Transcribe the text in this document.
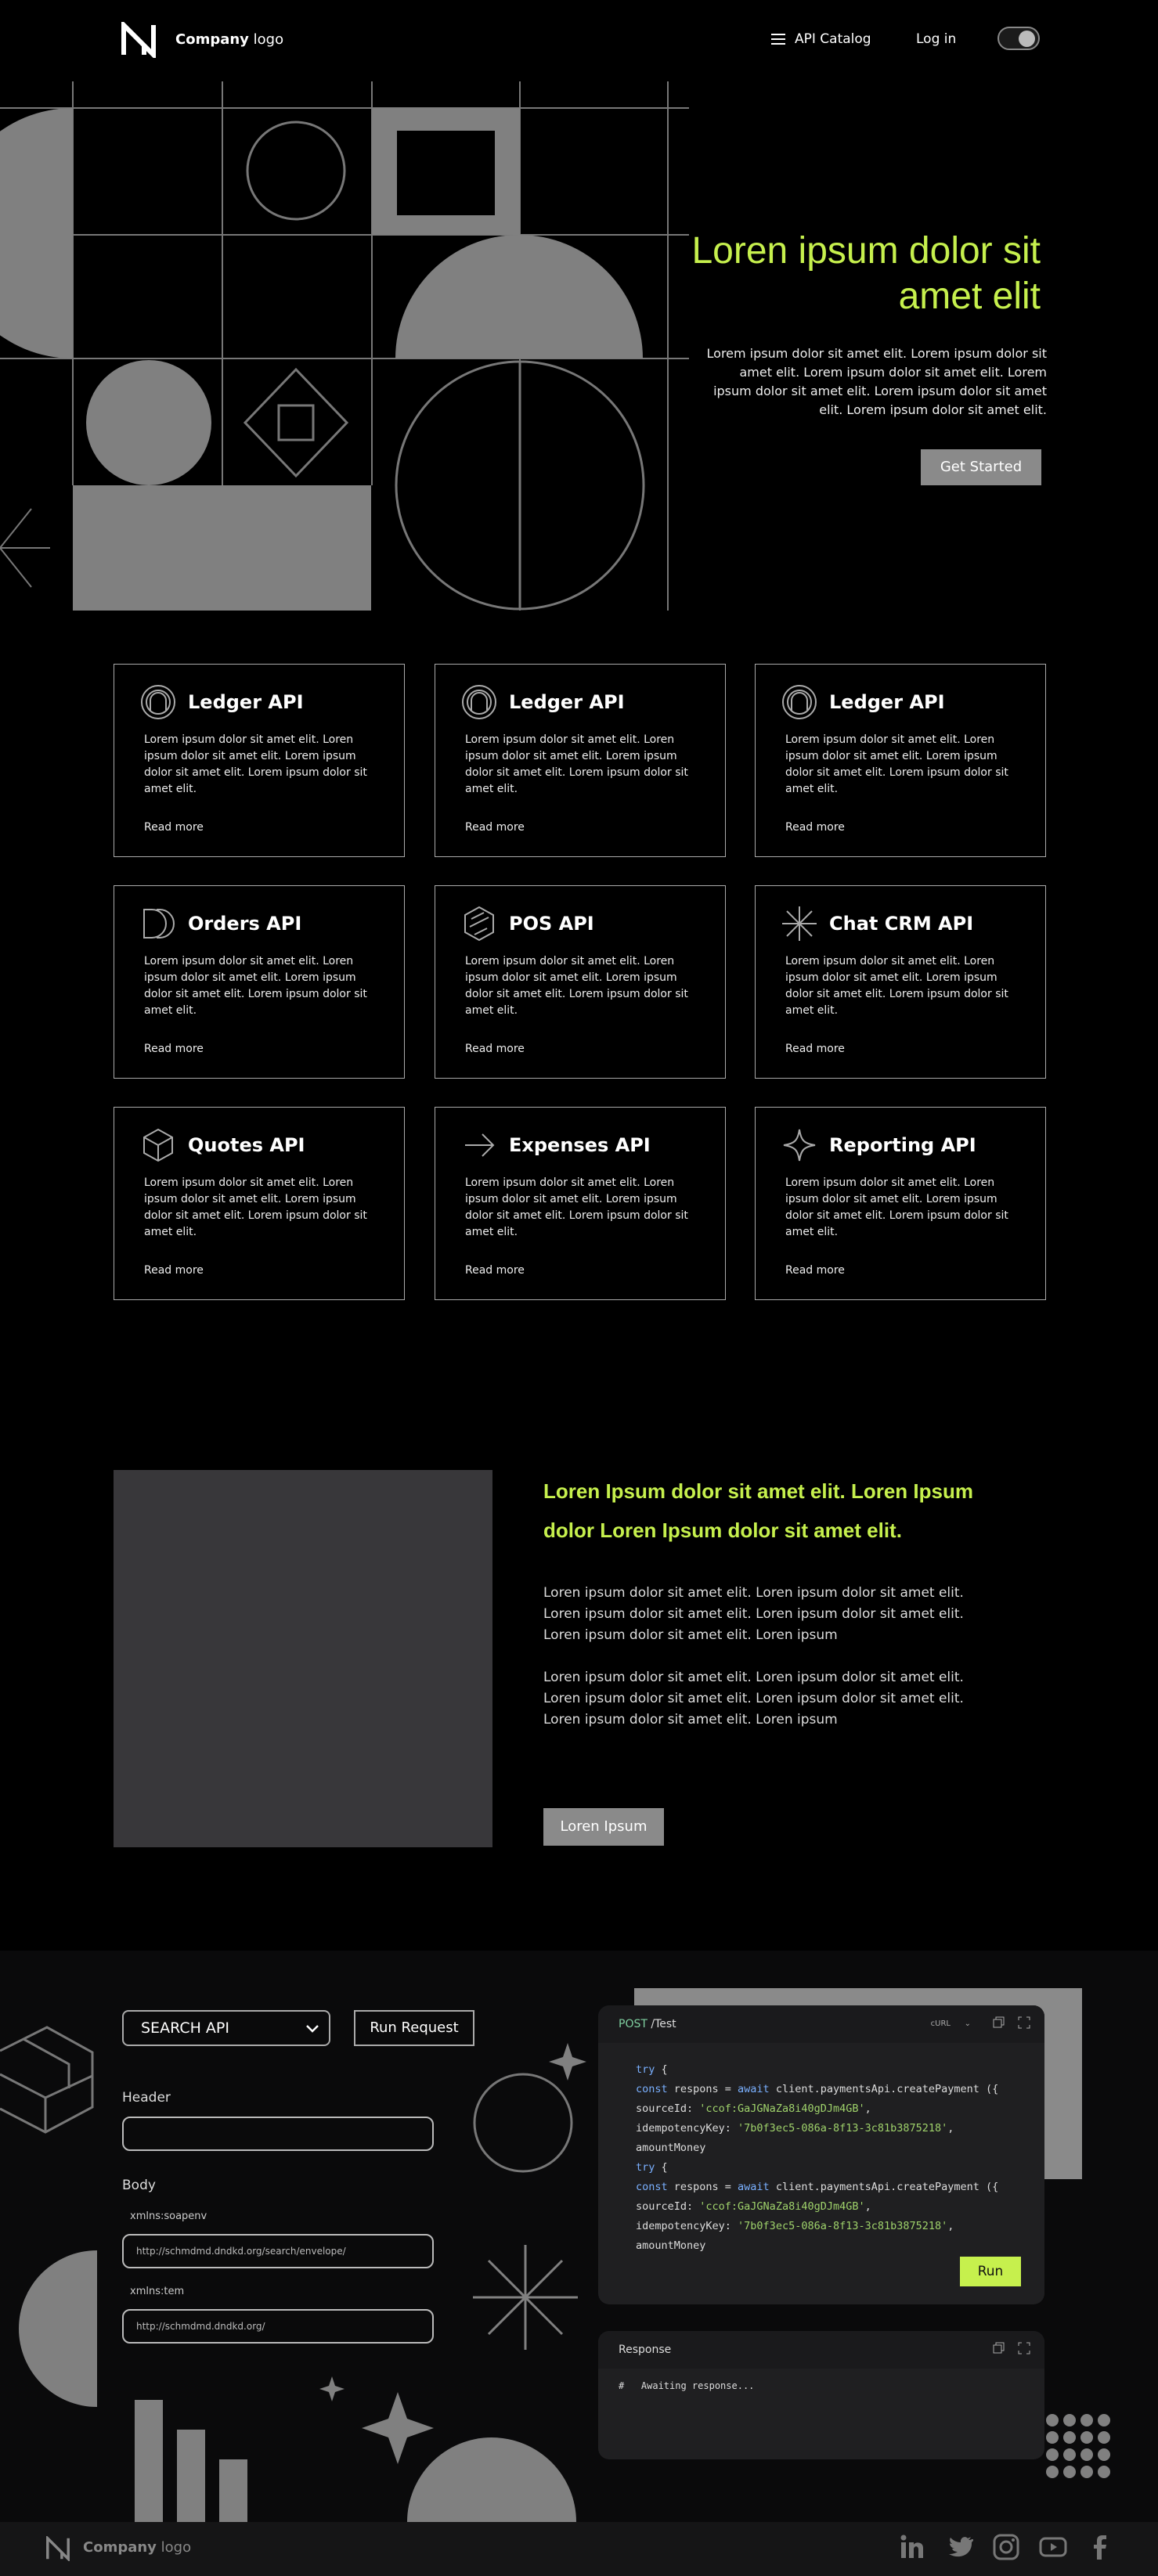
Company logo	API Catalog	Log in
Loren ipsum dolor sit amet elit
Lorem ipsum dolor sit amet elit. Lorem ipsum dolor sit amet elit. Lorem ipsum dolor sit amet elit. Lorem ipsum dolor sit amet elit. Lorem ipsum dolor sit amet elit. Lorem ipsum dolor sit amet elit.
Get Started
Ledger API
Lorem ipsum dolor sit amet elit. Loren ipsum dolor sit amet elit. Lorem ipsum dolor sit amet elit. Lorem ipsum dolor sit amet elit.
Read more
Ledger API
Lorem ipsum dolor sit amet elit. Loren ipsum dolor sit amet elit. Lorem ipsum dolor sit amet elit. Lorem ipsum dolor sit amet elit.
Read more
Ledger API
Lorem ipsum dolor sit amet elit. Loren ipsum dolor sit amet elit. Lorem ipsum dolor sit amet elit. Lorem ipsum dolor sit amet elit.
Read more
Orders API
Lorem ipsum dolor sit amet elit. Loren ipsum dolor sit amet elit. Lorem ipsum dolor sit amet elit. Lorem ipsum dolor sit amet elit.
Read more
POS API
Lorem ipsum dolor sit amet elit. Loren ipsum dolor sit amet elit. Lorem ipsum dolor sit amet elit. Lorem ipsum dolor sit amet elit.
Read more
Chat CRM API
Lorem ipsum dolor sit amet elit. Loren ipsum dolor sit amet elit. Lorem ipsum dolor sit amet elit. Lorem ipsum dolor sit amet elit.
Read more
Quotes API
Lorem ipsum dolor sit amet elit. Loren ipsum dolor sit amet elit. Lorem ipsum dolor sit amet elit. Lorem ipsum dolor sit amet elit.
Read more
Expenses API
Lorem ipsum dolor sit amet elit. Loren ipsum dolor sit amet elit. Lorem ipsum dolor sit amet elit. Lorem ipsum dolor sit amet elit.
Read more
Reporting API
Lorem ipsum dolor sit amet elit. Loren ipsum dolor sit amet elit. Lorem ipsum dolor sit amet elit. Lorem ipsum dolor sit amet elit.
Read more
Loren Ipsum dolor sit amet elit. Loren Ipsum dolor Loren Ipsum dolor sit amet elit.
Loren ipsum dolor sit amet elit. Loren ipsum dolor sit amet elit. Loren ipsum dolor sit amet elit. Loren ipsum dolor sit amet elit. Loren ipsum dolor sit amet elit. Loren ipsum
Loren ipsum dolor sit amet elit. Loren ipsum dolor sit amet elit. Loren ipsum dolor sit amet elit. Loren ipsum dolor sit amet elit. Loren ipsum dolor sit amet elit. Loren ipsum
Loren Ipsum
SEARCH API	Run Request
Header
Body
xmlns:soapenv
http://schmdmd.dndkd.org/search/envelope/
xmlns:tem
http://schmdmd.dndkd.org/
POST /Test	cURL ⌄
try {
const respons = await client.paymentsApi.createPayment ({
sourceId: 'ccof:GaJGNaZa8i40gDJm4GB',
idempotencyKey: '7b0f3ec5-086a-8f13-3c81b3875218',
amountMoney
try {
const respons = await client.paymentsApi.createPayment ({
sourceId: 'ccof:GaJGNaZa8i40gDJm4GB',
idempotencyKey: '7b0f3ec5-086a-8f13-3c81b3875218',
amountMoney
Run
Response
#   Awaiting response...
Company logo
